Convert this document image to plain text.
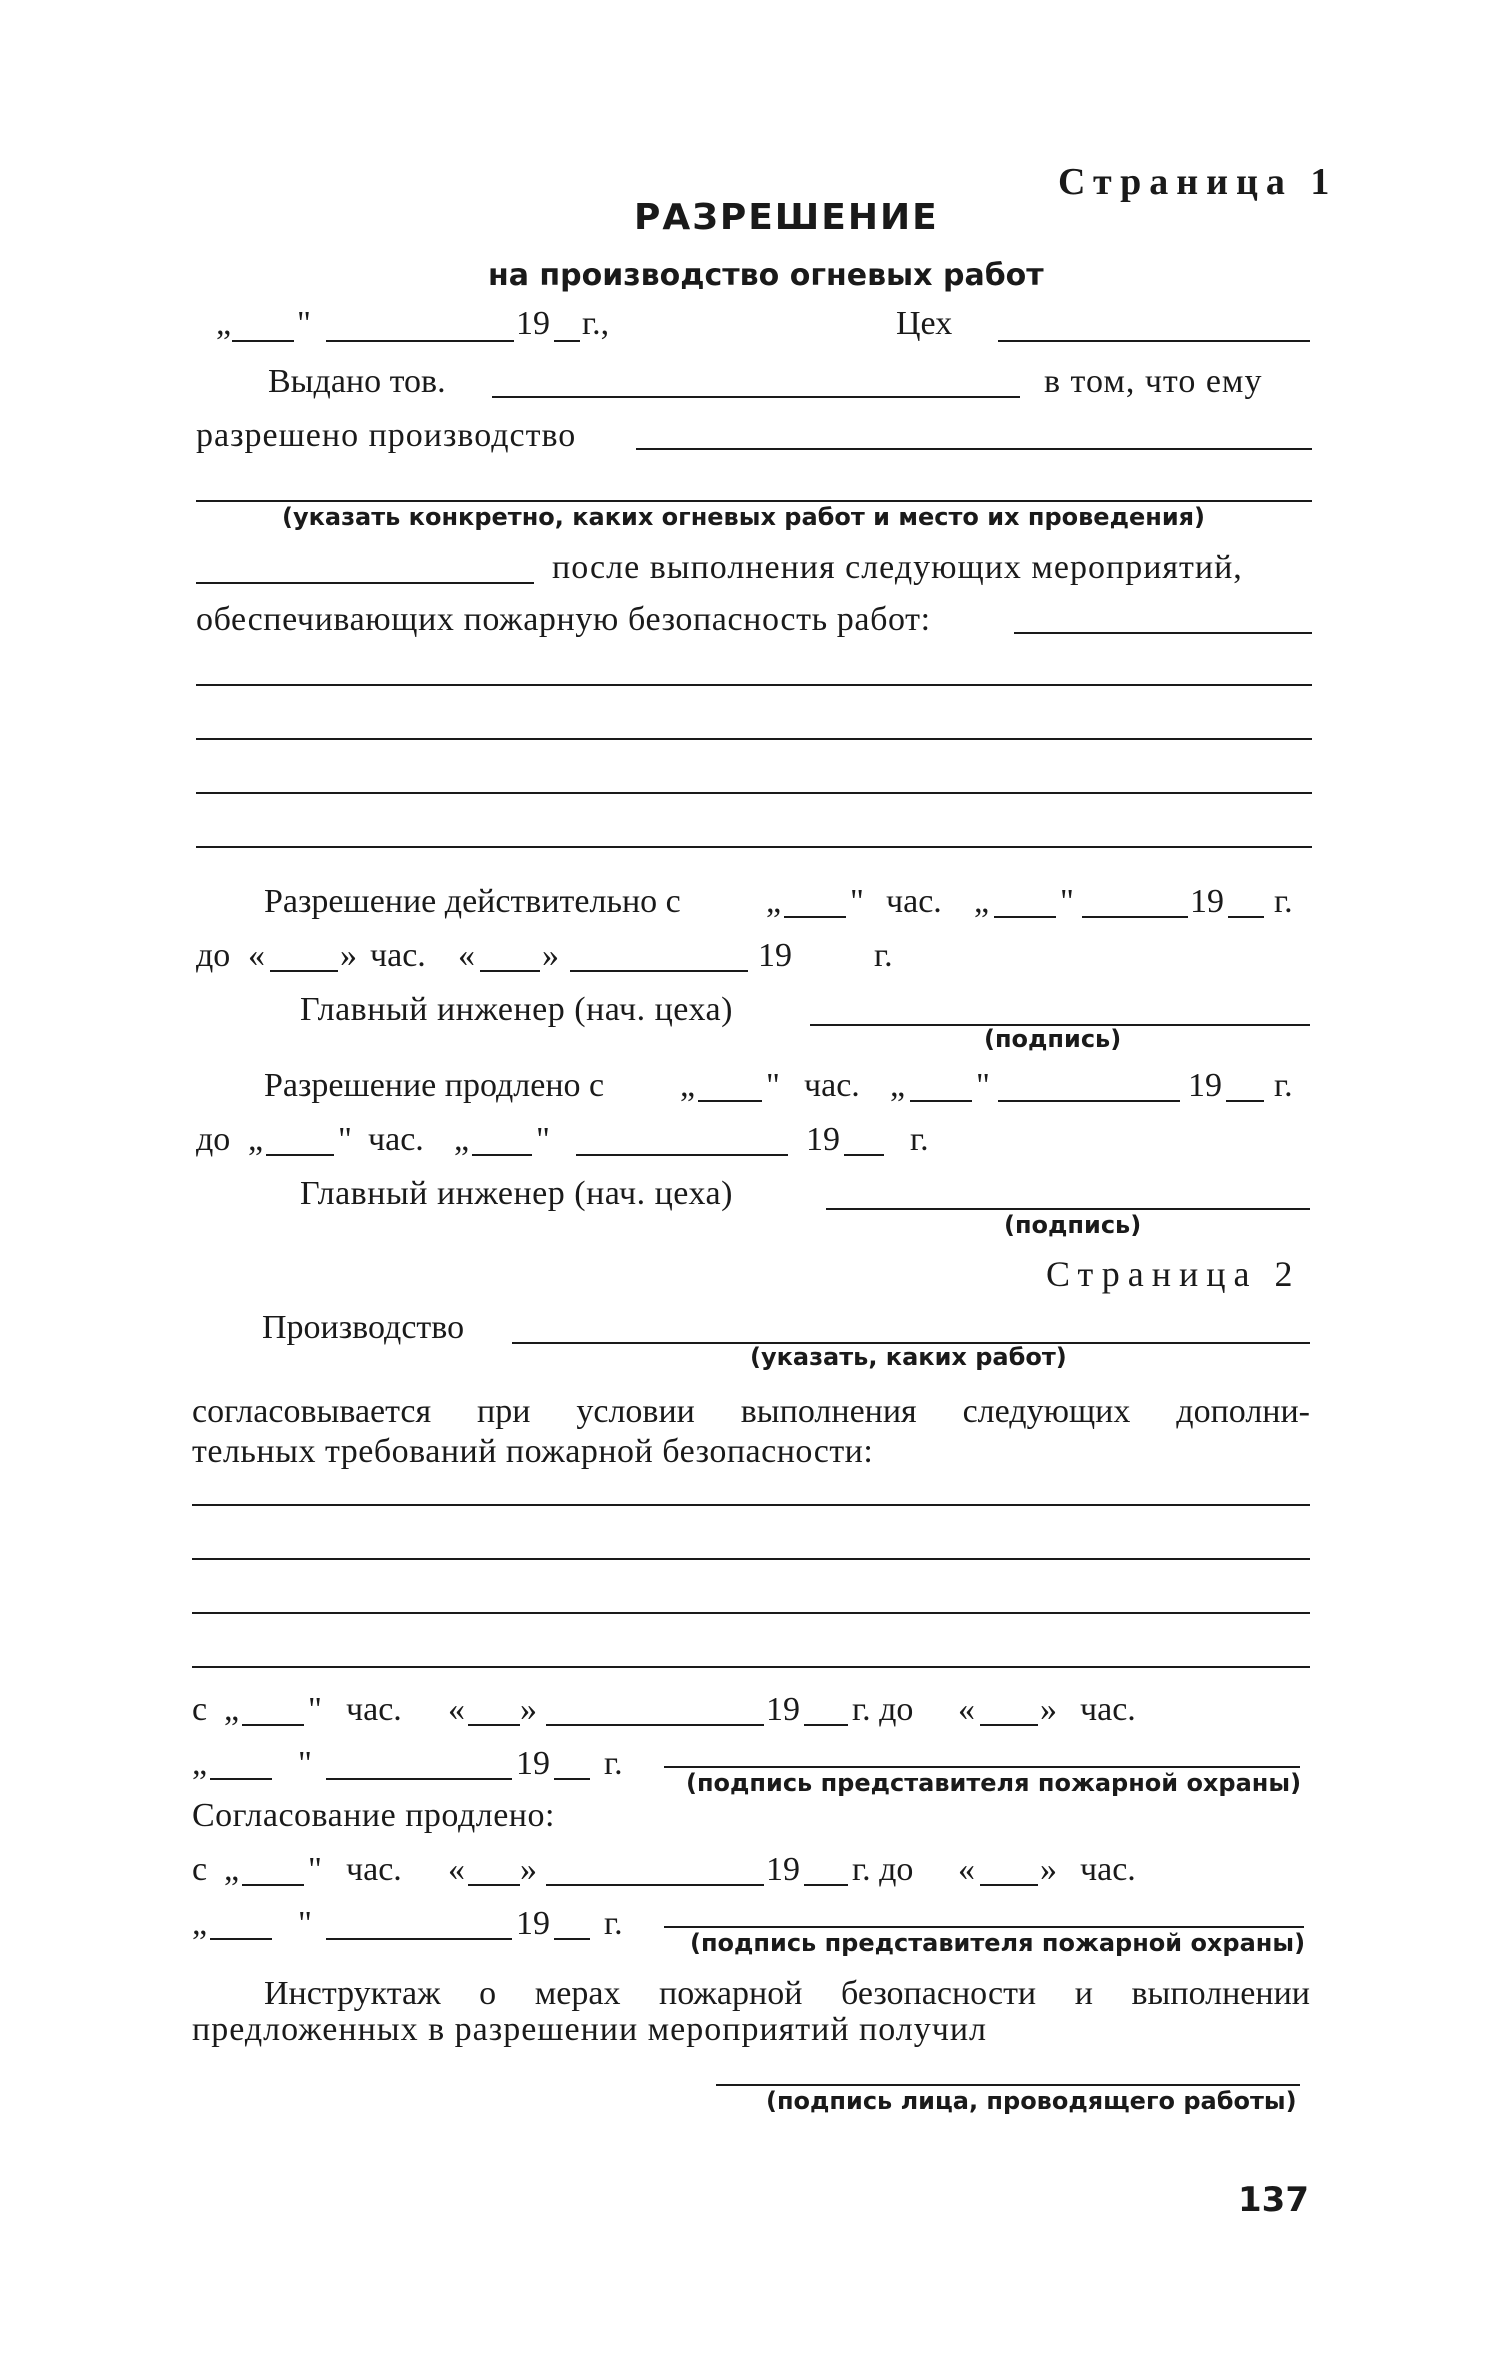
Страница 1
РАЗРЕШЕНИЕ
на производство огневых работ
„ "	19 г.,	Цех
Выдано тов.	в том, что ему
разрешено производство
(указать конкретно, каких огневых работ и место их проведения)
после выполнения следующих мероприятий,
обеспечивающих пожарную безопасность работ:
Разрешение действительно с	„ " час. „ "	19 г.
до « » час. « »	19 г.
Главный инженер (нач. цеха)
(подпись)
Разрешение продлено с „ " час. „ "	19 г.
до „ " час. „ "	19 г.
Главный инженер (нач. цеха)
(подпись)
Страница 2
Производство
(указать, каких работ)
согласовывается при условии выполнения следующих дополни-
тельных требований пожарной безопасности:
с „ " час. « »	19 г. до « » час.
„	"	19 г.
(подпись представителя пожарной охраны)
Согласование продлено:
с „ " час. « »	19 г. до « » час.
„	"	19 г.
(подпись представителя пожарной охраны)
Инструктаж о мерах пожарной безопасности и выполнении
предложенных в разрешении мероприятий получил
(подпись лица, проводящего работы)
137
